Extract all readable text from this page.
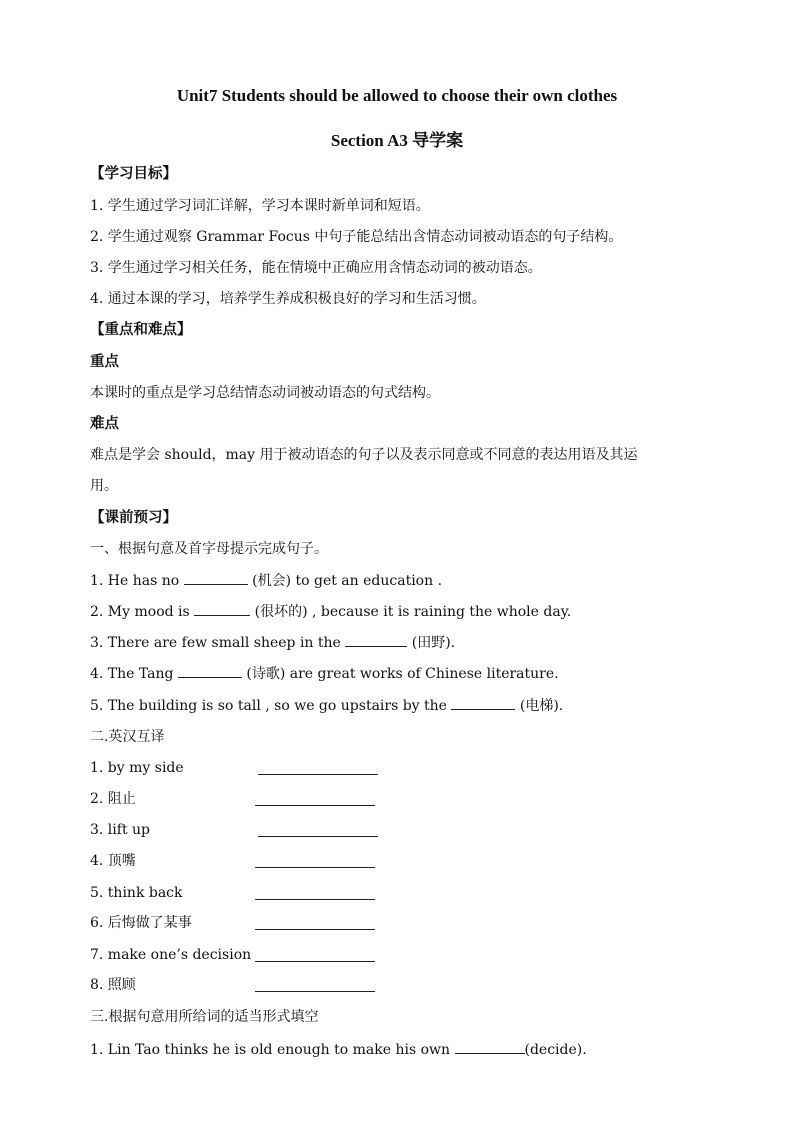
Unit7 Students should be allowed to choose their own clothes
Section A3 导学案
【学习目标】
1. 学生通过学习词汇详解，学习本课时新单词和短语。
2. 学生通过观察 Grammar Focus 中句子能总结出含情态动词被动语态的句子结构。
3. 学生通过学习相关任务，能在情境中正确应用含情态动词的被动语态。
4. 通过本课的学习，培养学生养成积极良好的学习和生活习惯。
【重点和难点】
重点
本课时的重点是学习总结情态动词被动语态的句式结构。
难点
难点是学会 should，may 用于被动语态的句子以及表示同意或不同意的表达用语及其运
用。
【课前预习】
一、根据句意及首字母提示完成句子。
1. He has no	(机会) to get an education .
2. My mood is	(很坏的) , because it is raining the whole day.
3. There are few small sheep in the	(田野).
4. The Tang	(诗歌) are great works of Chinese literature.
5. The building is so tall , so we go upstairs by the	(电梯).
二.英汉互译
1. by my side
2. 阻止
3. lift up
4. 顶嘴
5. think back
6. 后悔做了某事
7. make one’s decision
8. 照顾
三.根据句意用所给词的适当形式填空
1. Lin Tao thinks he is old enough to make his own	(decide).
